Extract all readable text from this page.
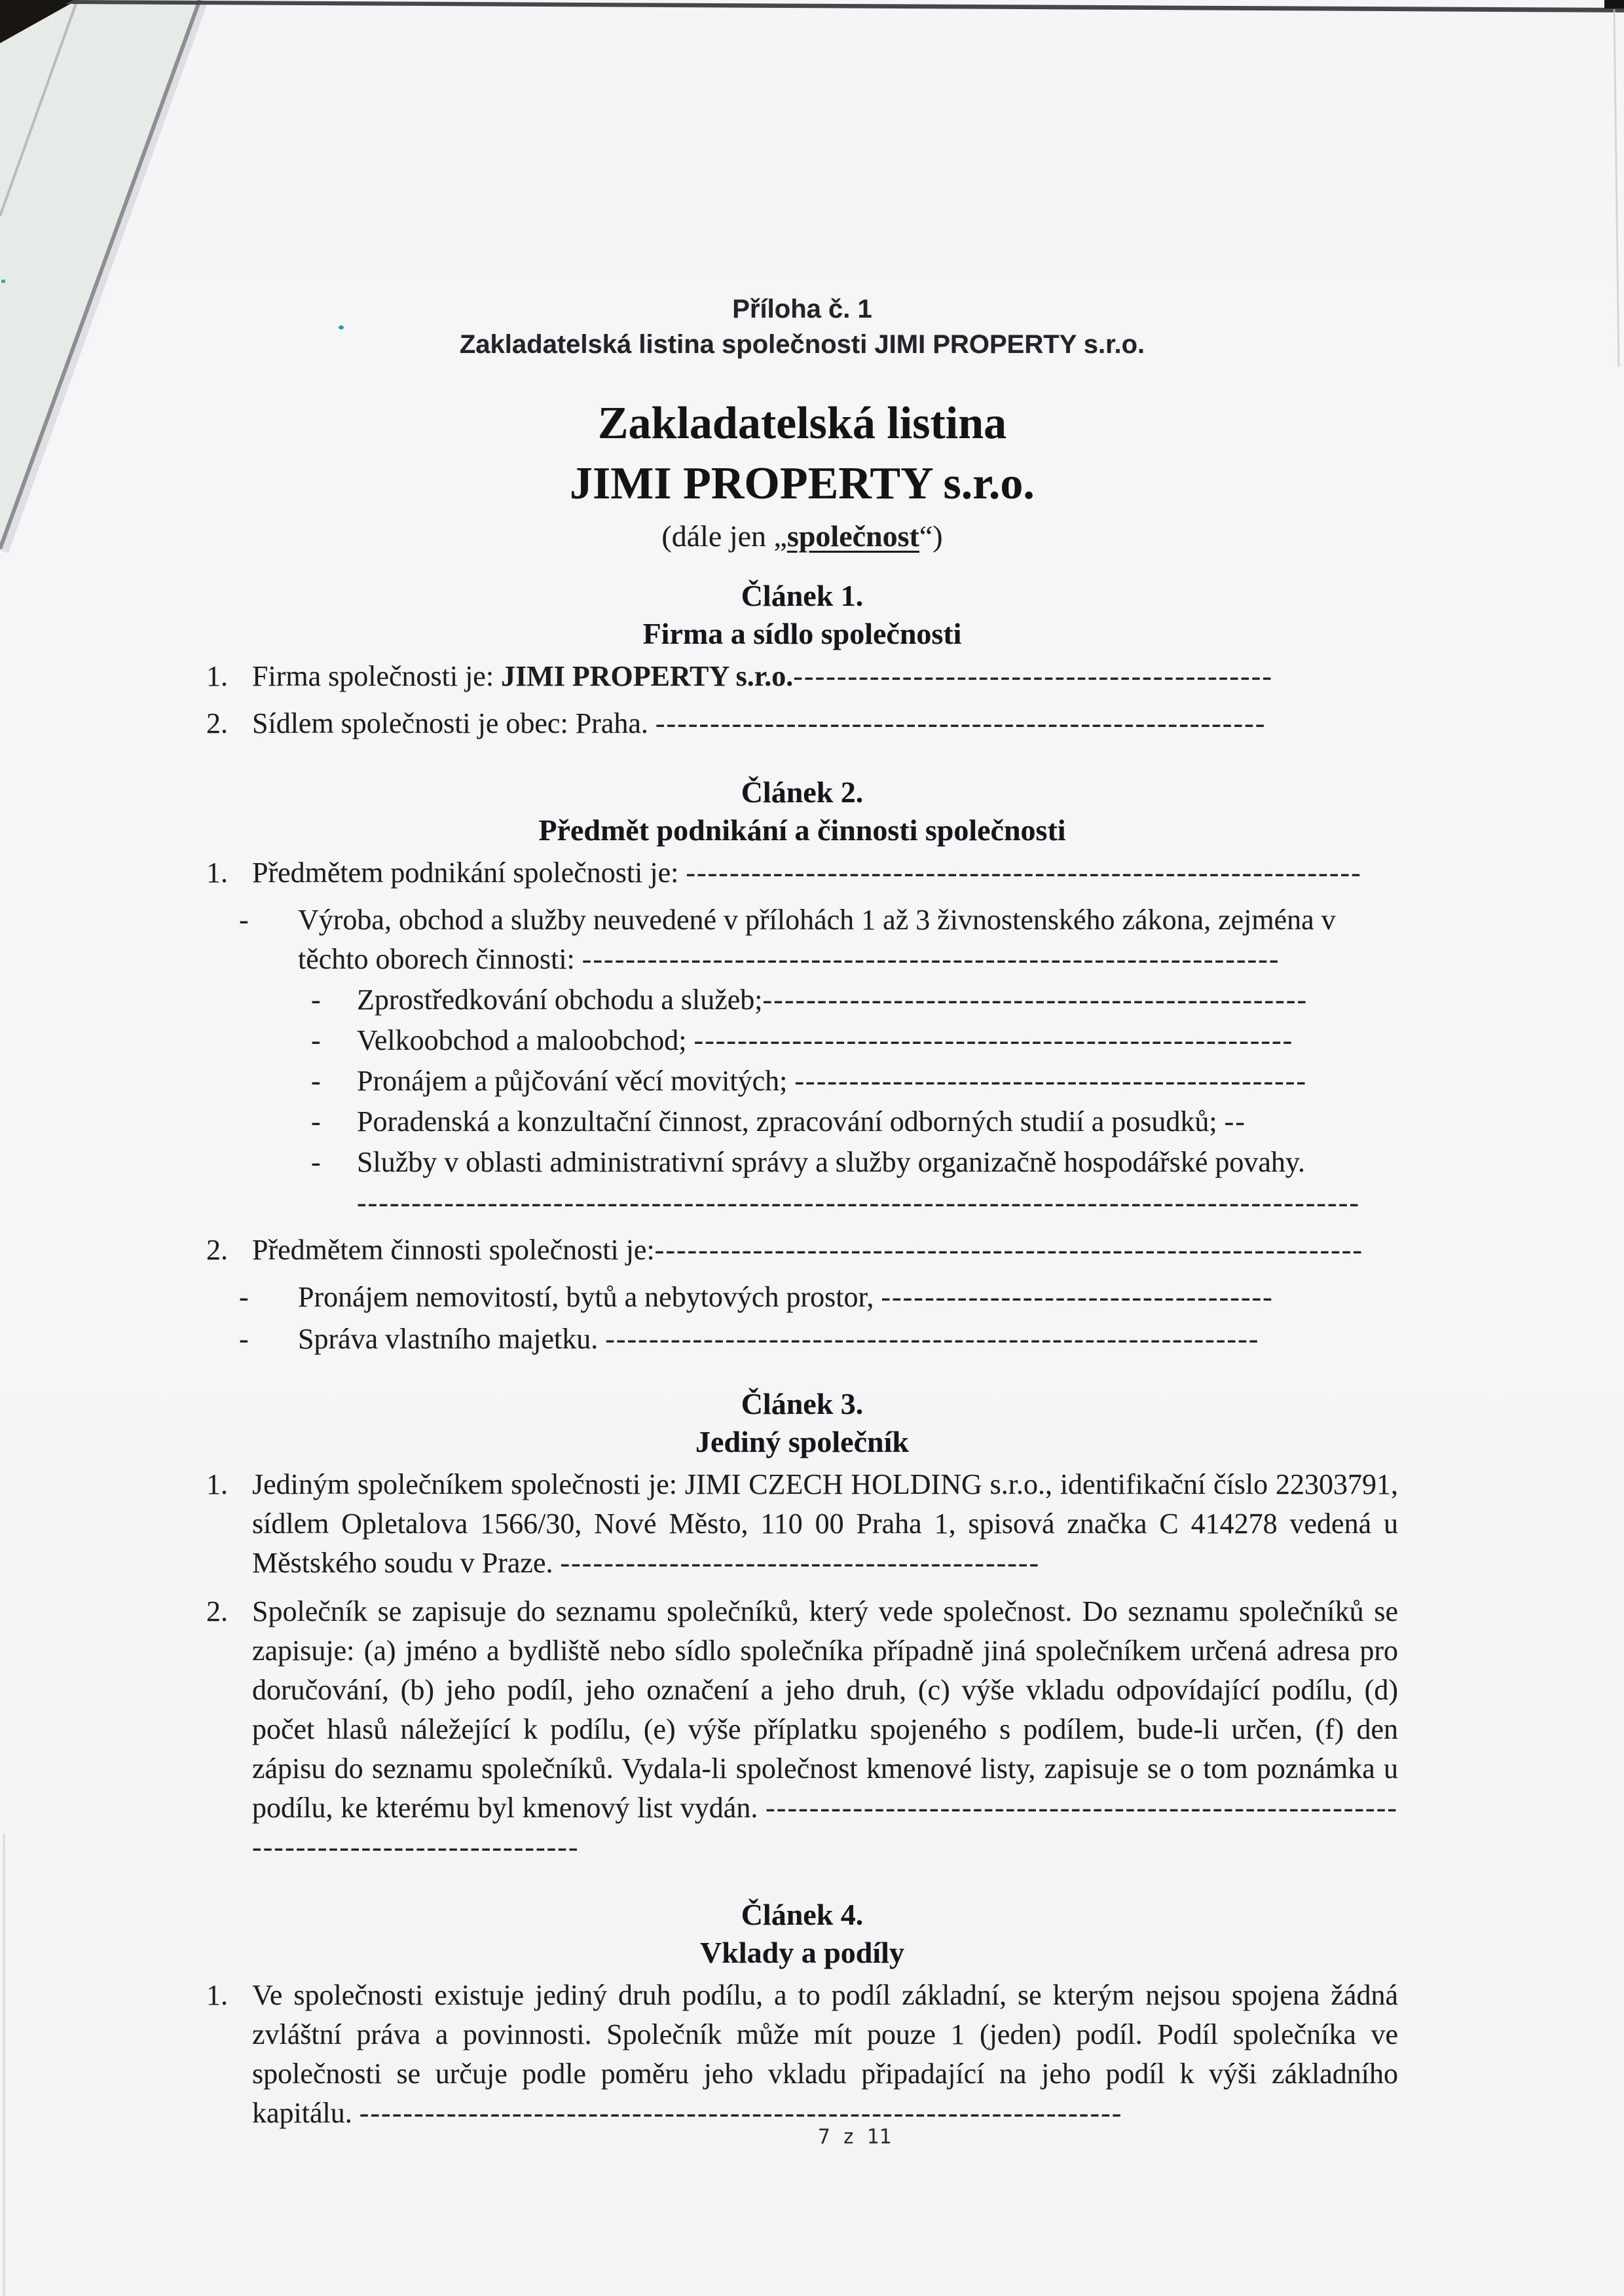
Příloha č. 1
Zakladatelská listina společnosti JIMI PROPERTY s.r.o.
Zakladatelská listina
JIMI PROPERTY s.r.o.
(dále jen „společnost“)
Článek 1.
Firma a sídlo společnosti
1. Firma společnosti je: JIMI PROPERTY s.r.o.--------------------------------------------
2. Sídlem společnosti je obec: Praha. --------------------------------------------------------
Článek 2.
Předmět podnikání a činnosti společnosti
1. Předmětem podnikání společnosti je: --------------------------------------------------------------
-	Výroba, obchod a služby neuvedené v přílohách 1 až 3 živnostenského zákona, zejména v těchto oborech činnosti: ----------------------------------------------------------------
-	Zprostředkování obchodu a služeb;--------------------------------------------------
-	Velkoobchod a maloobchod; -------------------------------------------------------
-	Pronájem a půjčování věcí movitých; -----------------------------------------------
-	Poradenská a konzultační činnost, zpracování odborných studií a posudků; --
-	Služby v oblasti administrativní správy a služby organizačně hospodářské povahy.
--------------------------------------------------------------------------------------------
2. Předmětem činnosti společnosti je:-----------------------------------------------------------------
-	Pronájem nemovitostí, bytů a nebytových prostor, ------------------------------------
-	Správa vlastního majetku. ------------------------------------------------------------
Článek 3.
Jediný společník
1. Jediným společníkem společnosti je: JIMI CZECH HOLDING s.r.o., identifikační číslo 22303791, sídlem Opletalova 1566/30, Nové Město, 110 00 Praha 1, spisová značka C 414278 vedená u Městského soudu v Praze. --------------------------------------------
2. Společník se zapisuje do seznamu společníků, který vede společnost. Do seznamu společníků se zapisuje: (a) jméno a bydliště nebo sídlo společníka případně jiná společníkem určená adresa pro doručování, (b) jeho podíl, jeho označení a jeho druh, (c) výše vkladu odpovídající podílu, (d) počet hlasů náležející k podílu, (e) výše příplatku spojeného s podílem, bude-li určen, (f) den zápisu do seznamu společníků. Vydala-li společnost kmenové listy, zapisuje se o tom poznámka u podílu, ke kterému byl kmenový list vydán. ----------------------------------------------------------------------------------------
Článek 4.
Vklady a podíly
1. Ve společnosti existuje jediný druh podílu, a to podíl základní, se kterým nejsou spojena žádná zvláštní práva a povinnosti. Společník může mít pouze 1 (jeden) podíl. Podíl společníka ve společnosti se určuje podle poměru jeho vkladu připadající na jeho podíl k výši základního kapitálu. ----------------------------------------------------------------------
7 z 11
